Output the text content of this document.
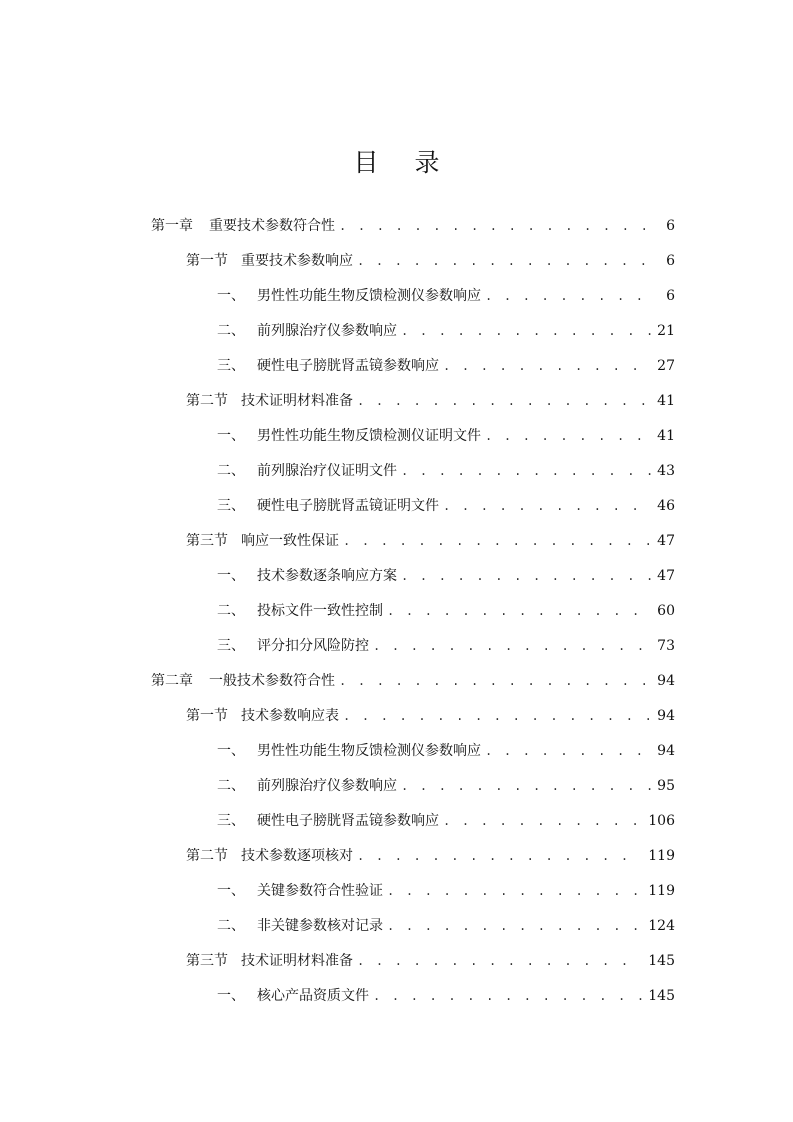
目 录
第一章	重要技术参数符合性 . . .	6
第一节 重要技术参数响应 . . .	6
一、 男性性功能生物反馈检测仪参数响应 . . .	6
二、 前列腺治疗仪参数响应 . . .	21
三、 硬性电子膀胱肾盂镜参数响应 . . .	27
第二节 技术证明材料准备 . . .	41
一、 男性性功能生物反馈检测仪证明文件 . . .	41
二、 前列腺治疗仪证明文件 . . .	43
三、 硬性电子膀胱肾盂镜证明文件 . . .	46
第三节 响应一致性保证 . . .	47
一、 技术参数逐条响应方案 . . .	47
二、 投标文件一致性控制 . . .	60
三、 评分扣分风险防控 . . .	73
第二章	一般技术参数符合性 . . .	94
第一节 技术参数响应表 . . .	94
一、 男性性功能生物反馈检测仪参数响应 . . .	94
二、 前列腺治疗仪参数响应 . . .	95
三、 硬性电子膀胱肾盂镜参数响应 . . .	106
第二节 技术参数逐项核对 . . .	119
一、 关键参数符合性验证 . . .	119
二、 非关键参数核对记录 . . .	124
第三节 技术证明材料准备 . . .	145
一、 核心产品资质文件 . . .	145
